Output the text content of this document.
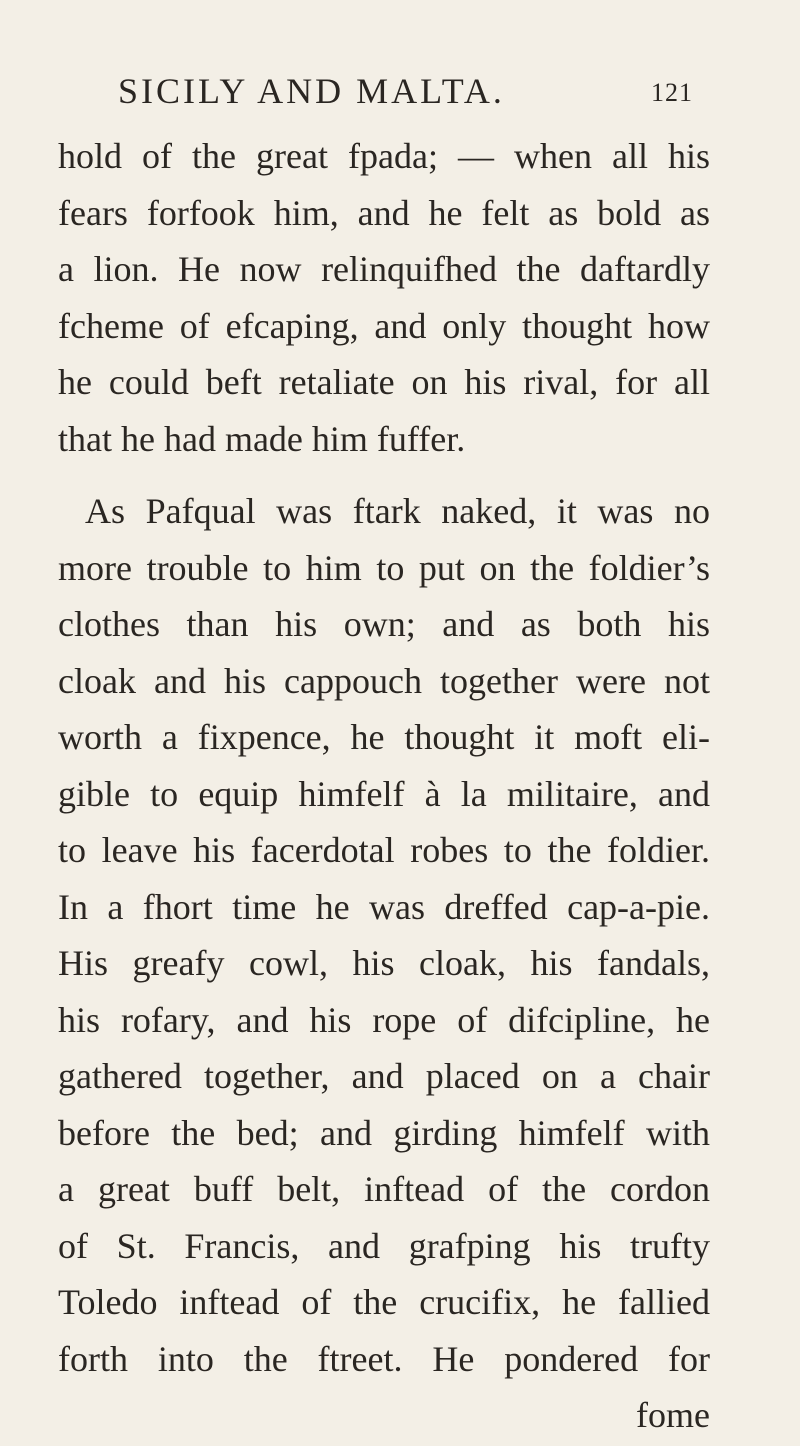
SICILY AND MALTA.	121
hold of the great fpada; — when all his
fears forfook him, and he felt as bold as
a lion. He now relinquifhed the daftardly
fcheme of efcaping, and only thought how
he could beft retaliate on his rival, for all
that he had made him fuffer.
As Pafqual was ftark naked, it was no
more trouble to him to put on the foldier’s
clothes than his own; and as both his
cloak and his cappouch together were not
worth a fixpence, he thought it moft eli-
gible to equip himfelf à la militaire, and
to leave his facerdotal robes to the foldier.
In a fhort time he was dreffed cap-a-pie.
His greafy cowl, his cloak, his fandals,
his rofary, and his rope of difcipline, he
gathered together, and placed on a chair
before the bed; and girding himfelf with
a great buff belt, inftead of the cordon
of St. Francis, and grafping his trufty
Toledo inftead of the crucifix, he fallied
forth into the ftreet. He pondered for
fome
